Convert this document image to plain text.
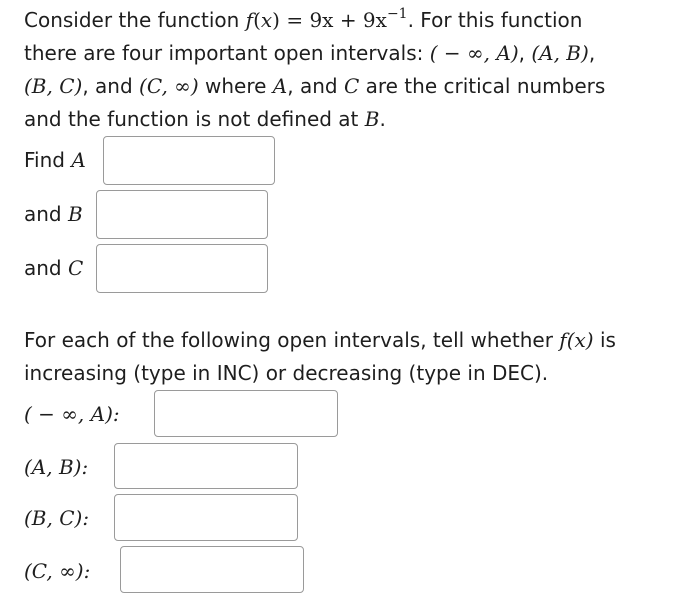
Consider the function $f(x) = 9x + 9x^{-1}$. For this function
there are four important open intervals: ( − ∞, A), (A, B),
(B, C), and (C, ∞) where A, and C are the critical numbers
and the function is not defined at B.
Find A
and B
and C
For each of the following open intervals, tell whether f(x) is
increasing (type in INC) or decreasing (type in DEC).
( − ∞, A):
(A, B):
(B, C):
(C, ∞):
